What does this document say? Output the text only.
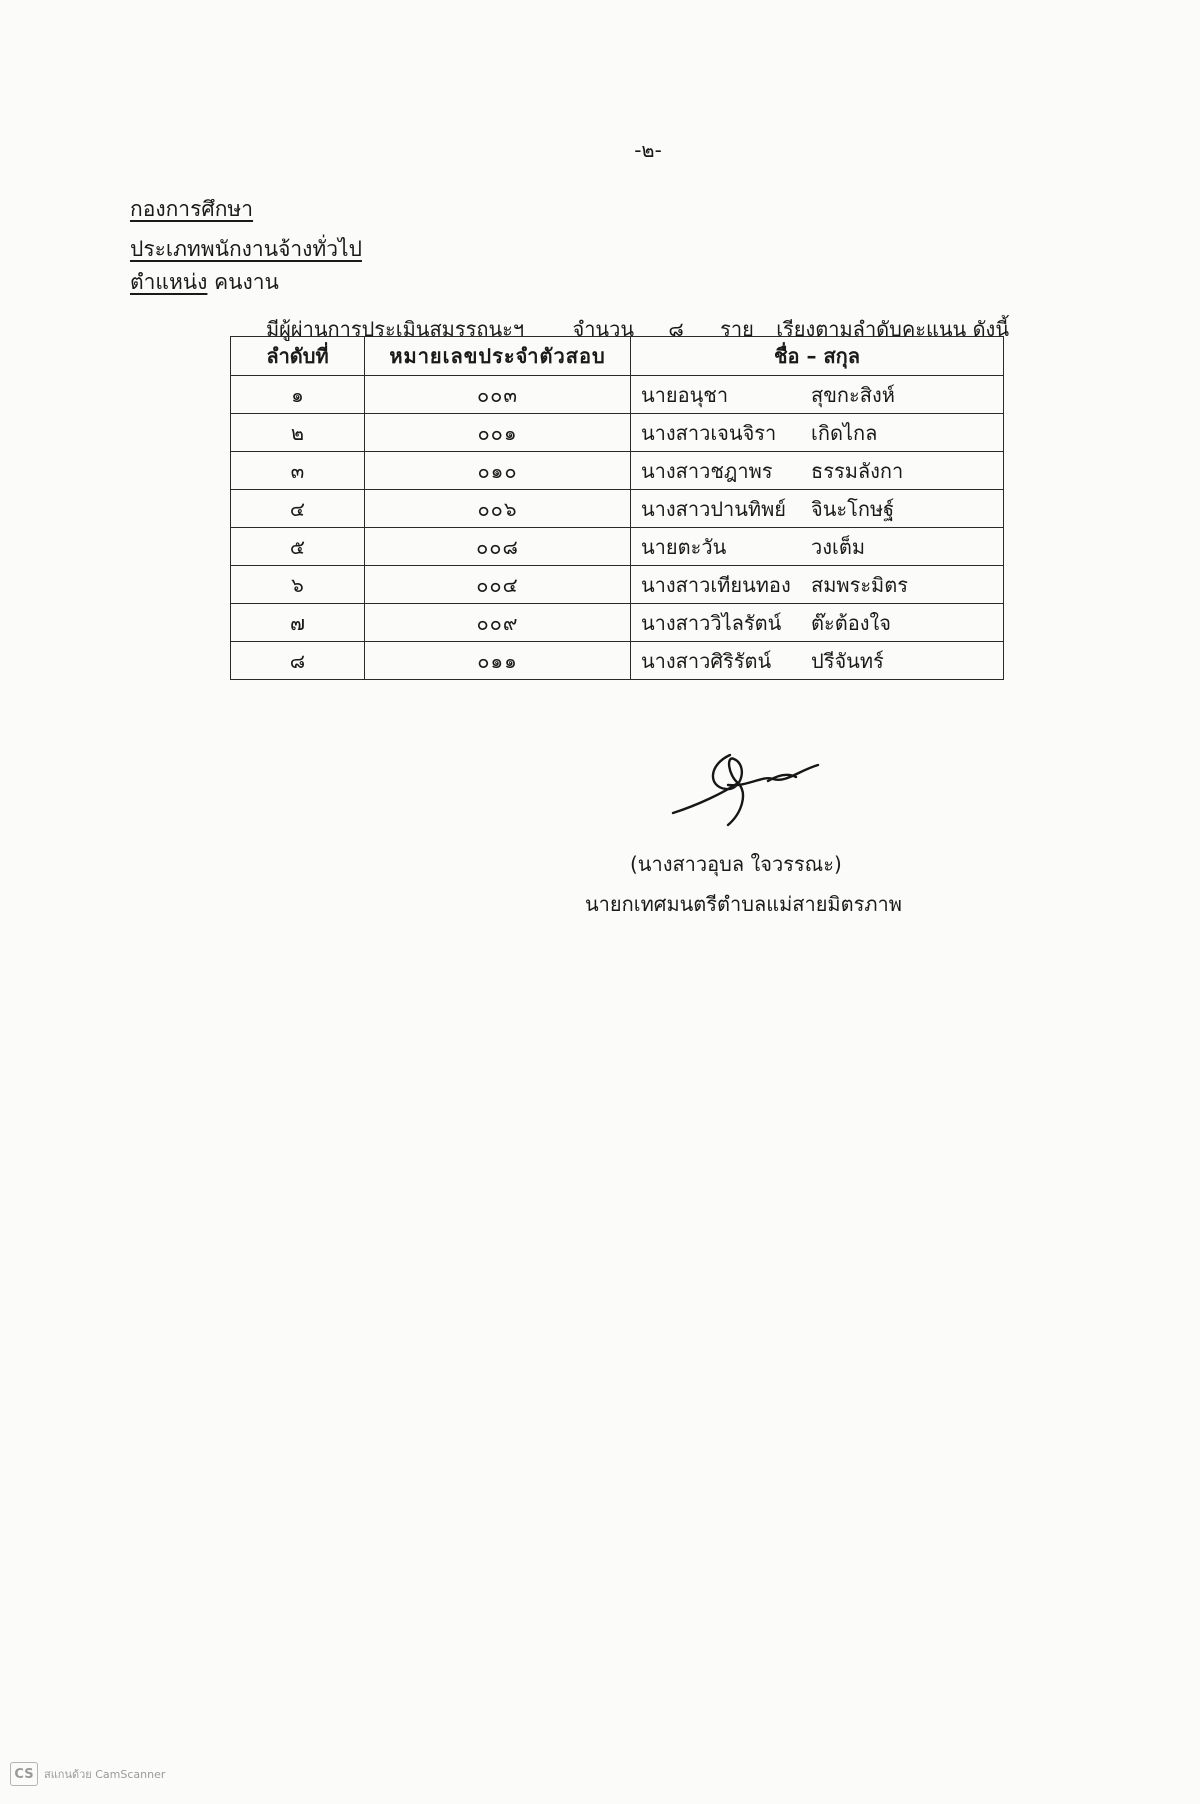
-๒-
กองการศึกษา
ประเภทพนักงานจ้างทั่วไป
ตำแหน่ง คนงาน
มีผู้ผ่านการประเมินสมรรถนะฯ จำนวน ๘ ราย เรียงตามลำดับคะแนน ดังนี้
ลำดับที่	หมายเลขประจำตัวสอบ	ชื่อ – สกุล
๑	๐๐๓	นายอนุชา สุขกะสิงห์
๒	๐๐๑	นางสาวเจนจิรา เกิดไกล
๓	๐๑๐	นางสาวชฎาพร ธรรมลังกา
๔	๐๐๖	นางสาวปานทิพย์ จินะโกษฐ์
๕	๐๐๘	นายตะวัน วงเต็ม
๖	๐๐๔	นางสาวเทียนทอง สมพระมิตร
๗	๐๐๙	นางสาววิไลรัตน์ ต๊ะต้องใจ
๘	๐๑๑	นางสาวศิริรัตน์ ปรีจันทร์
(นางสาวอุบล ใจวรรณะ)
นายกเทศมนตรีตำบลแม่สายมิตรภาพ
CS สแกนด้วย CamScanner
